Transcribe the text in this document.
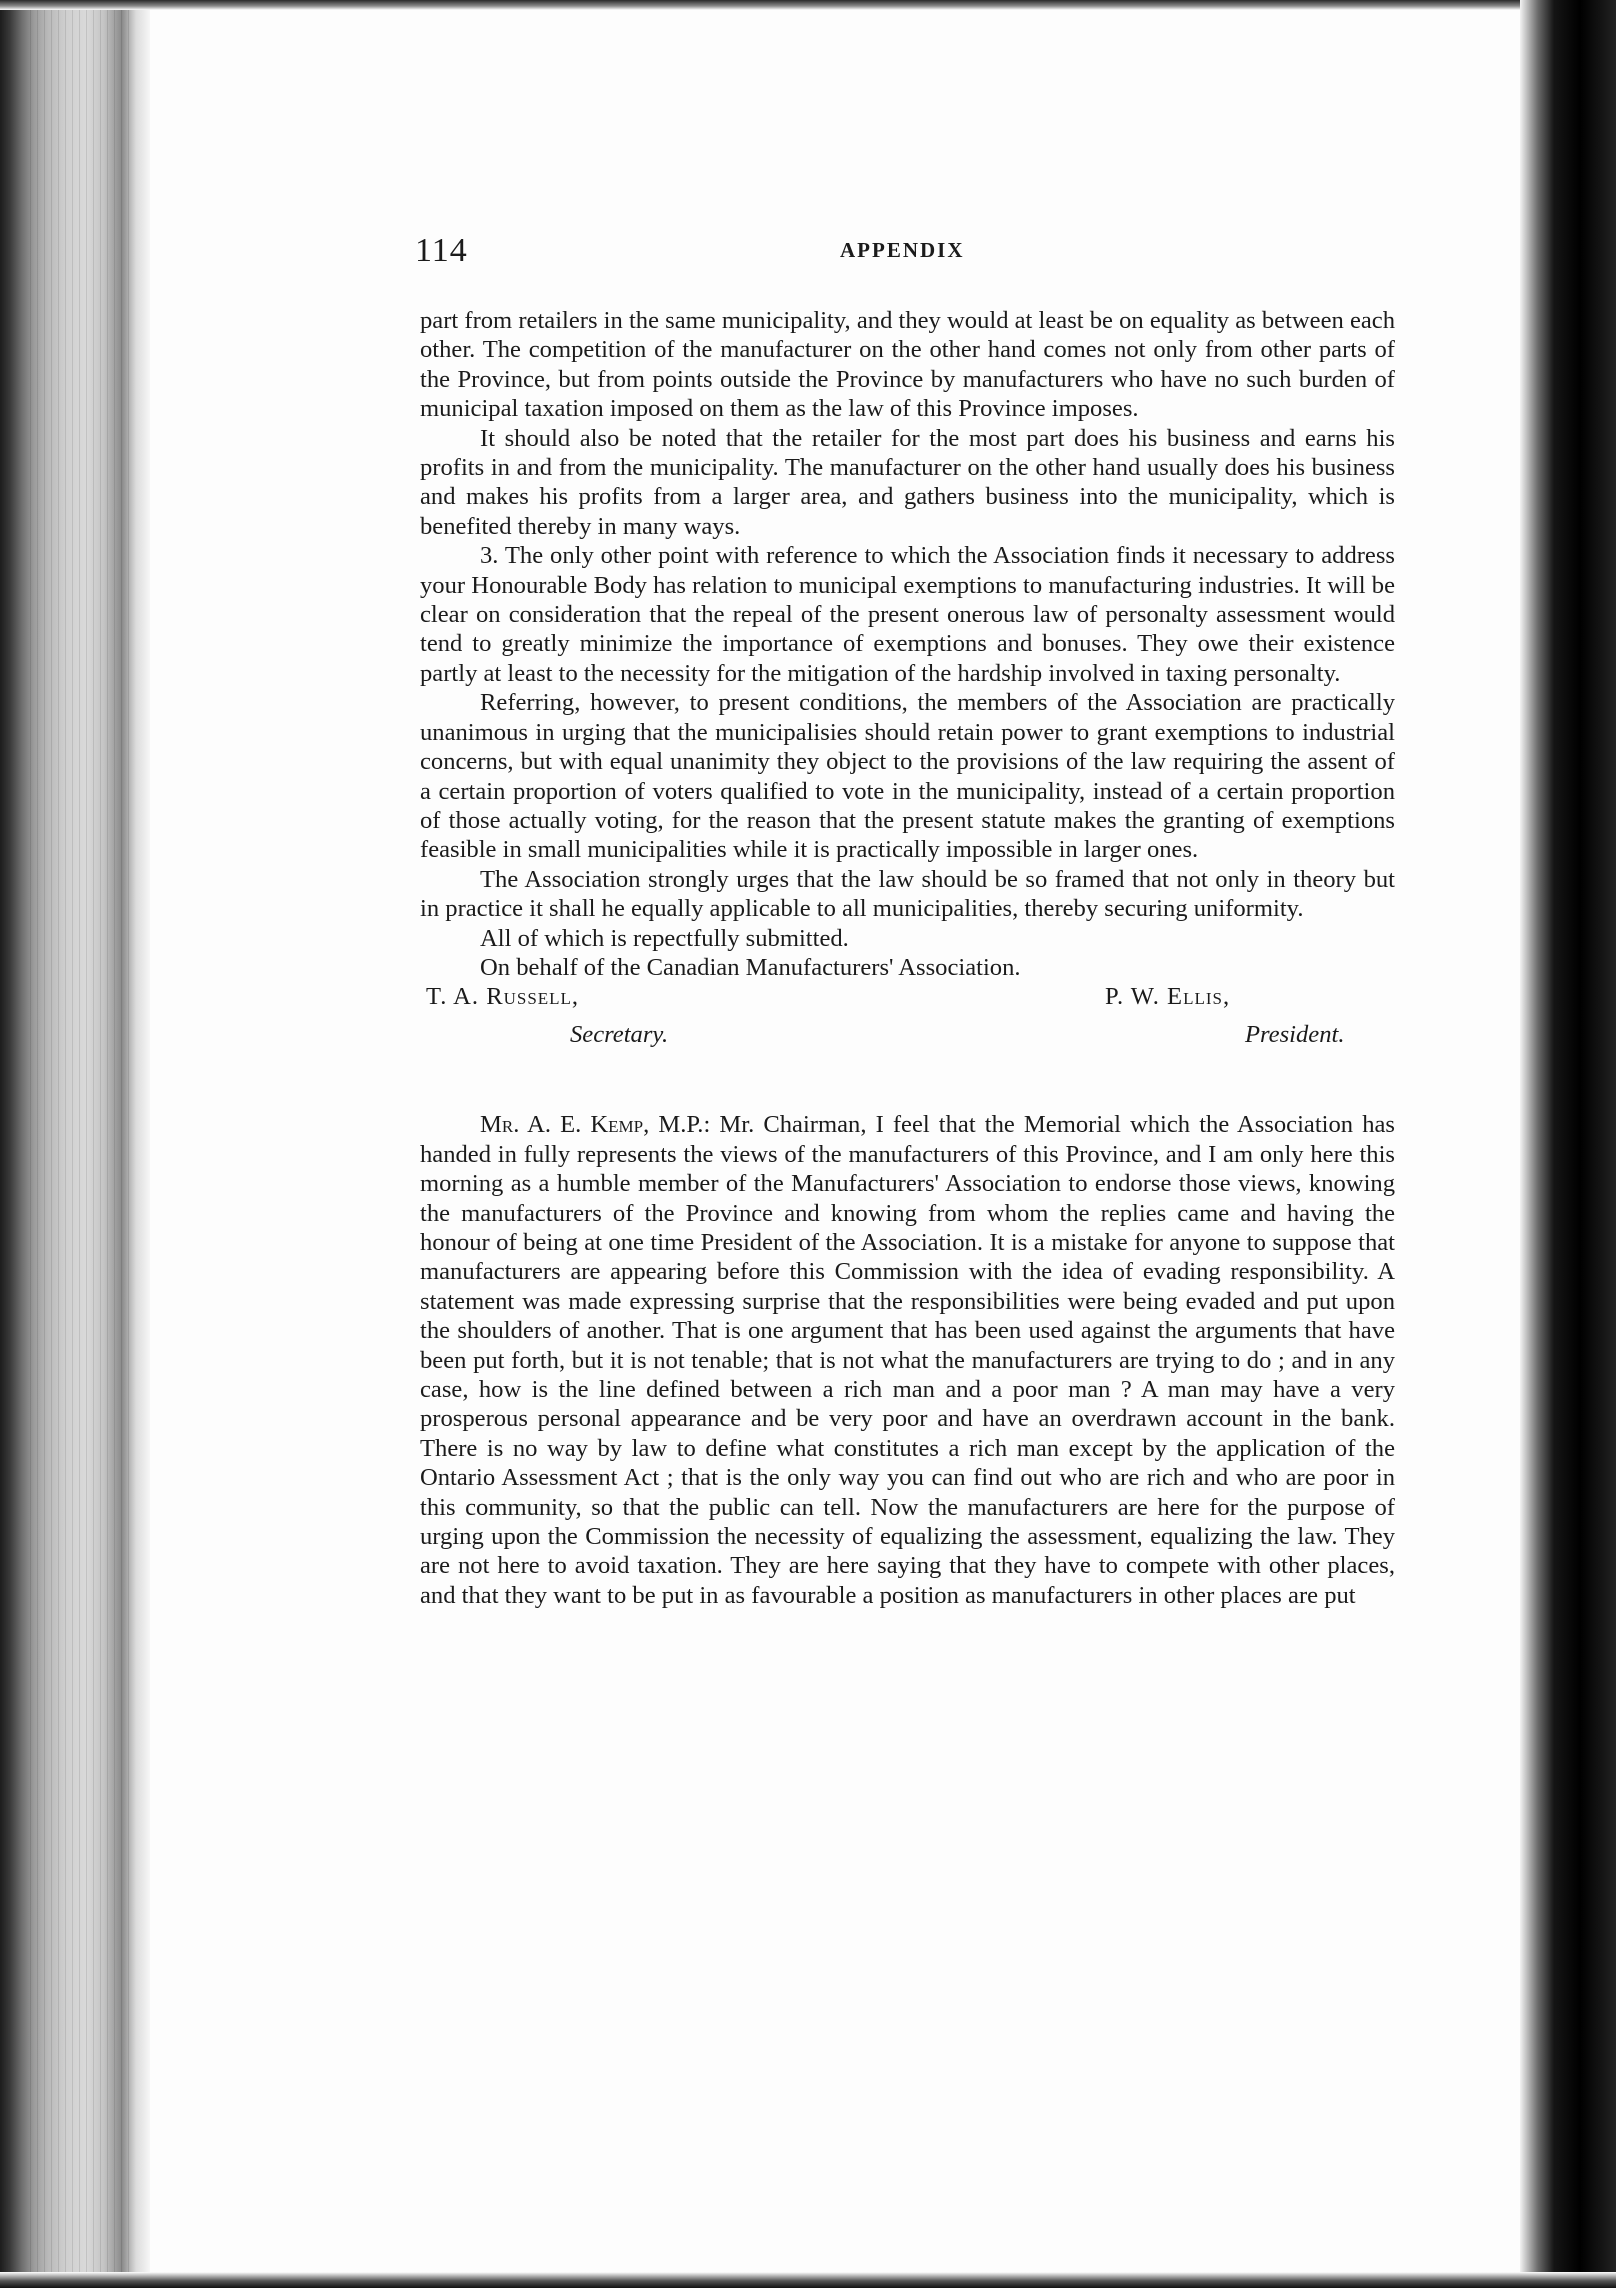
114	APPENDIX

part from retailers in the same municipality, and they would at least be on equality as between each other. The competition of the manufacturer on the other hand comes not only from other parts of the Province, but from points outside the Province by manufacturers who have no such burden of municipal taxation imposed on them as the law of this Province imposes.

It should also be noted that the retailer for the most part does his business and earns his profits in and from the municipality. The manufacturer on the other hand usually does his business and makes his profits from a larger area, and gathers business into the municipality, which is benefited thereby in many ways.

3. The only other point with reference to which the Association finds it necessary to address your Honourable Body has relation to municipal exemptions to manufacturing industries. It will be clear on consideration that the repeal of the present onerous law of personalty assessment would tend to greatly minimize the importance of exemptions and bonuses. They owe their existence partly at least to the necessity for the mitigation of the hardship involved in taxing personalty.

Referring, however, to present conditions, the members of the Association are practically unanimous in urging that the municipalisies should retain power to grant exemptions to industrial concerns, but with equal unanimity they object to the provisions of the law requiring the assent of a certain proportion of voters qualified to vote in the municipality, instead of a certain proportion of those actually voting, for the reason that the present statute makes the granting of exemptions feasible in small municipalities while it is practically impossible in larger ones.

The Association strongly urges that the law should be so framed that not only in theory but in practice it shall he equally applicable to all municipalities, thereby securing uniformity.

All of which is repectfully submitted.

On behalf of the Canadian Manufacturers' Association.

T. A. Russell,	P. W. Ellis,
Secretary.	President.

Mr. A. E. Kemp, M.P.: Mr. Chairman, I feel that the Memorial which the Association has handed in fully represents the views of the manufacturers of this Province, and I am only here this morning as a humble member of the Manufacturers' Association to endorse those views, knowing the manufacturers of the Province and knowing from whom the replies came and having the honour of being at one time President of the Association. It is a mistake for anyone to suppose that manufacturers are appearing before this Commission with the idea of evading responsibility. A statement was made expressing surprise that the responsibilities were being evaded and put upon the shoulders of another. That is one argument that has been used against the arguments that have been put forth, but it is not tenable; that is not what the manufacturers are trying to do ; and in any case, how is the line defined between a rich man and a poor man ? A man may have a very prosperous personal appearance and be very poor and have an overdrawn account in the bank. There is no way by law to define what constitutes a rich man except by the application of the Ontario Assessment Act ; that is the only way you can find out who are rich and who are poor in this community, so that the public can tell. Now the manufacturers are here for the purpose of urging upon the Commission the necessity of equalizing the assessment, equalizing the law. They are not here to avoid taxation. They are here saying that they have to compete with other places, and that they want to be put in as favourable a position as manufacturers in other places are put
